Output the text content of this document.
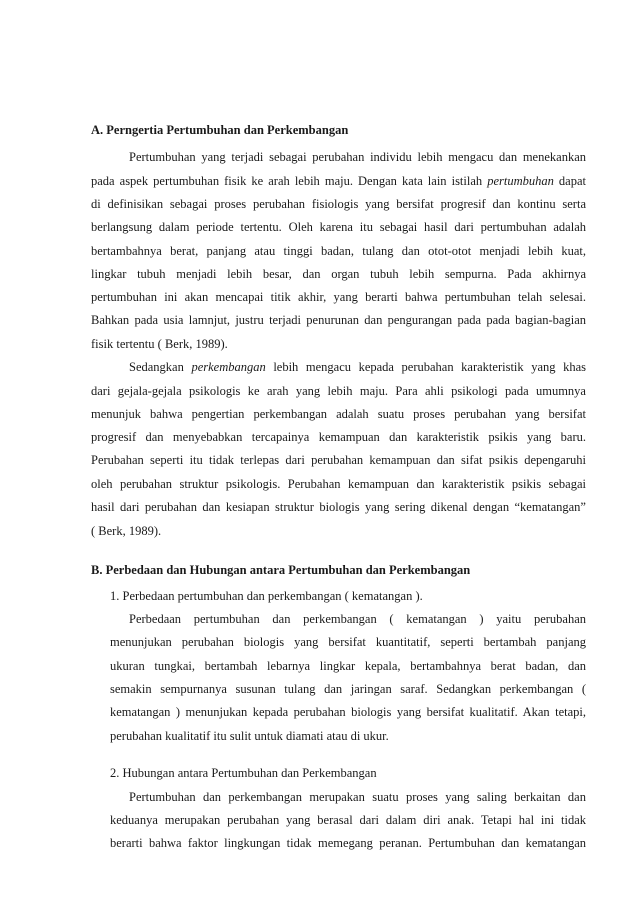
A. Perngertia Pertumbuhan dan Perkembangan
Pertumbuhan yang terjadi sebagai perubahan individu lebih mengacu dan menekankan
pada aspek pertumbuhan fisik ke arah lebih maju. Dengan kata lain istilah pertumbuhan dapat
di definisikan sebagai proses perubahan fisiologis yang bersifat progresif dan kontinu serta
berlangsung dalam periode tertentu. Oleh karena itu sebagai hasil dari pertumbuhan adalah
bertambahnya berat, panjang atau tinggi badan, tulang dan otot-otot menjadi lebih kuat,
lingkar tubuh menjadi lebih besar, dan organ tubuh lebih sempurna. Pada akhirnya
pertumbuhan ini akan mencapai titik akhir, yang berarti bahwa pertumbuhan telah selesai.
Bahkan pada usia lamnjut, justru terjadi penurunan dan pengurangan pada pada bagian-bagian
fisik tertentu ( Berk, 1989).
Sedangkan perkembangan lebih mengacu kepada perubahan karakteristik yang khas
dari gejala-gejala psikologis ke arah yang lebih maju. Para ahli psikologi pada umumnya
menunjuk bahwa pengertian perkembangan adalah suatu proses perubahan yang bersifat
progresif dan menyebabkan tercapainya kemampuan dan karakteristik psikis yang baru.
Perubahan seperti itu tidak terlepas dari perubahan kemampuan dan sifat psikis depengaruhi
oleh perubahan struktur psikologis. Perubahan kemampuan dan karakteristik psikis sebagai
hasil dari perubahan dan kesiapan struktur biologis yang sering dikenal dengan “kematangan”
( Berk, 1989).
B. Perbedaan dan Hubungan antara Pertumbuhan dan Perkembangan
1. Perbedaan pertumbuhan dan perkembangan ( kematangan ).
Perbedaan pertumbuhan dan perkembangan ( kematangan ) yaitu perubahan
menunjukan perubahan biologis yang bersifat kuantitatif, seperti bertambah panjang
ukuran tungkai, bertambah lebarnya lingkar kepala, bertambahnya berat badan, dan
semakin sempurnanya susunan tulang dan jaringan saraf. Sedangkan perkembangan (
kematangan ) menunjukan kepada perubahan biologis yang bersifat kualitatif. Akan tetapi,
perubahan kualitatif itu sulit untuk diamati atau di ukur.
2. Hubungan antara Pertumbuhan dan Perkembangan
Pertumbuhan dan perkembangan merupakan suatu proses yang saling berkaitan dan
keduanya merupakan perubahan yang berasal dari dalam diri anak. Tetapi hal ini tidak
berarti bahwa faktor lingkungan tidak memegang peranan. Pertumbuhan dan kematangan
